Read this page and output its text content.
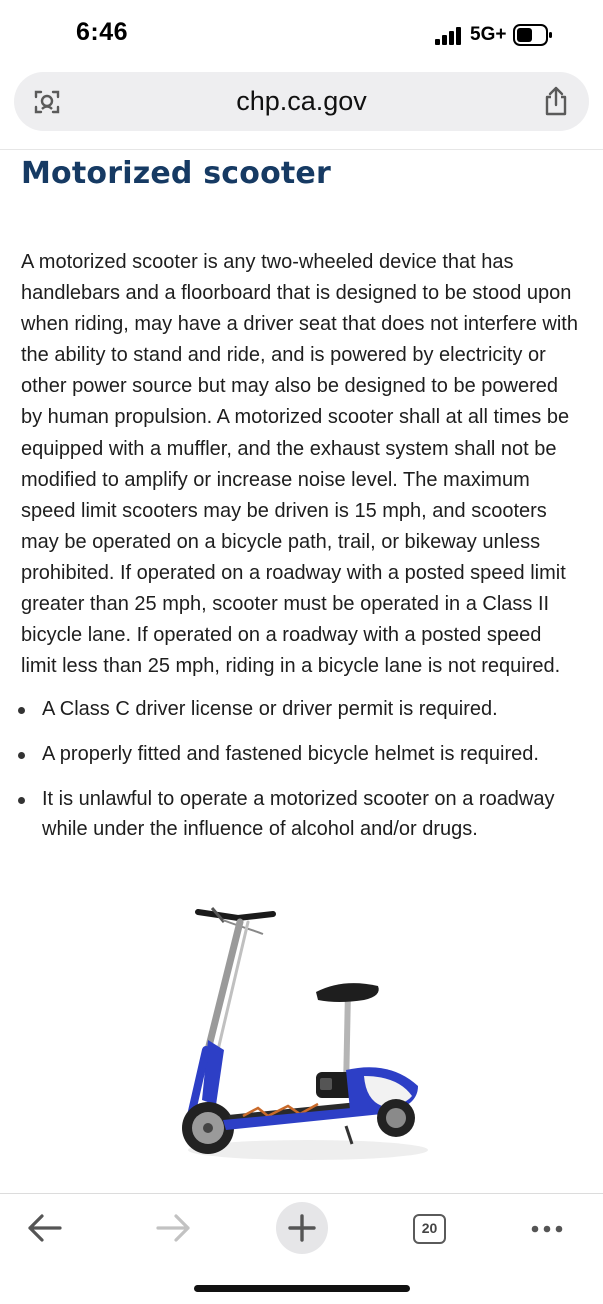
6:46	5G+
chp.ca.gov
Motorized scooter

A motorized scooter is any two-wheeled device that has handlebars and a floorboard that is designed to be stood upon when riding, may have a driver seat that does not interfere with the ability to stand and ride, and is powered by electricity or other power source but may also be designed to be powered by human propulsion. A motorized scooter shall at all times be equipped with a muffler, and the exhaust system shall not be modified to amplify or increase noise level. The maximum speed limit scooters may be driven is 15 mph, and scooters may be operated on a bicycle path, trail, or bikeway unless prohibited. If operated on a roadway with a posted speed limit greater than 25 mph, scooter must be operated in a Class II bicycle lane. If operated on a roadway with a posted speed limit less than 25 mph, riding in a bicycle lane is not required.

A Class C driver license or driver permit is required.
A properly fitted and fastened bicycle helmet is required.
It is unlawful to operate a motorized scooter on a roadway while under the influence of alcohol and/or drugs.
20
